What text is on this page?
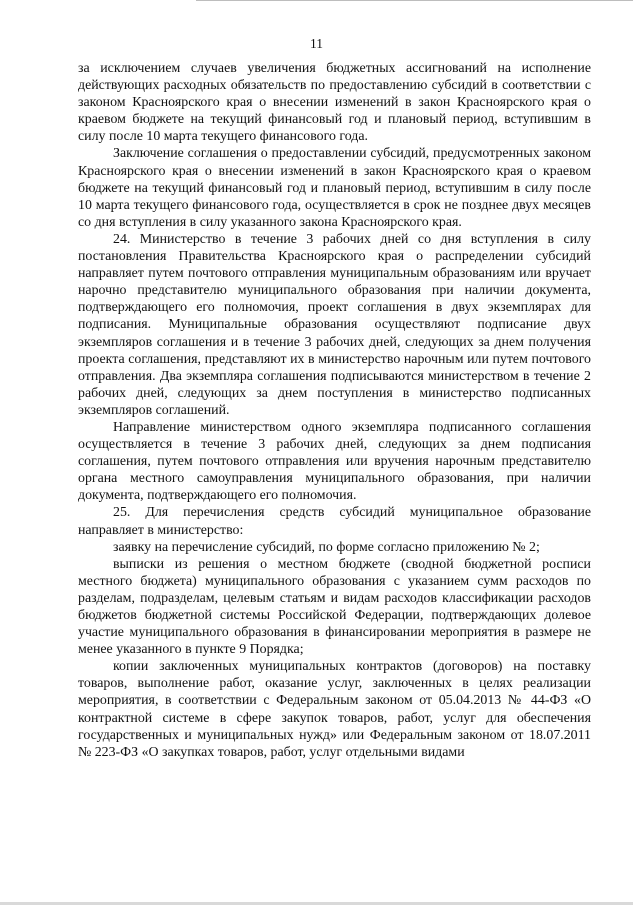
11

за исключением случаев увеличения бюджетных ассигнований на исполнение действующих расходных обязательств по предоставлению субсидий в соответствии с законом Красноярского края о внесении изменений в закон Красноярского края о краевом бюджете на текущий финансовый год и плановый период, вступившим в силу после 10 марта текущего финансового года.

Заключение соглашения о предоставлении субсидий, предусмотренных законом Красноярского края о внесении изменений в закон Красноярского края о краевом бюджете на текущий финансовый год и плановый период, вступившим в силу после 10 марта текущего финансового года, осуществляется в срок не позднее двух месяцев со дня вступления в силу указанного закона Красноярского края.

24. Министерство в течение 3 рабочих дней со дня вступления в силу постановления Правительства Красноярского края о распределении субсидий направляет путем почтового отправления муниципальным образованиям или вручает нарочно представителю муниципального образования при наличии документа, подтверждающего его полномочия, проект соглашения в двух экземплярах для подписания. Муниципальные образования осуществляют подписание двух экземпляров соглашения и в течение 3 рабочих дней, следующих за днем получения проекта соглашения, представляют их в министерство нарочным или путем почтового отправления. Два экземпляра соглашения подписываются министерством в течение 2 рабочих дней, следующих за днем поступления в министерство подписанных экземпляров соглашений.

Направление министерством одного экземпляра подписанного соглашения осуществляется в течение 3 рабочих дней, следующих за днем подписания соглашения, путем почтового отправления или вручения нарочным представителю органа местного самоуправления муниципального образования, при наличии документа, подтверждающего его полномочия.

25. Для перечисления средств субсидий муниципальное образование направляет в министерство:

заявку на перечисление субсидий, по форме согласно приложению № 2;

выписки из решения о местном бюджете (сводной бюджетной росписи местного бюджета) муниципального образования с указанием сумм расходов по разделам, подразделам, целевым статьям и видам расходов классификации расходов бюджетов бюджетной системы Российской Федерации, подтверждающих долевое участие муниципального образования в финансировании мероприятия в размере не менее указанного в пункте 9 Порядка;

копии заключенных муниципальных контрактов (договоров) на поставку товаров, выполнение работ, оказание услуг, заключенных в целях реализации мероприятия, в соответствии с Федеральным законом от 05.04.2013 № 44-ФЗ «О контрактной системе в сфере закупок товаров, работ, услуг для обеспечения государственных и муниципальных нужд» или Федеральным законом от 18.07.2011 № 223-ФЗ «О закупках товаров, работ, услуг отдельными видами
